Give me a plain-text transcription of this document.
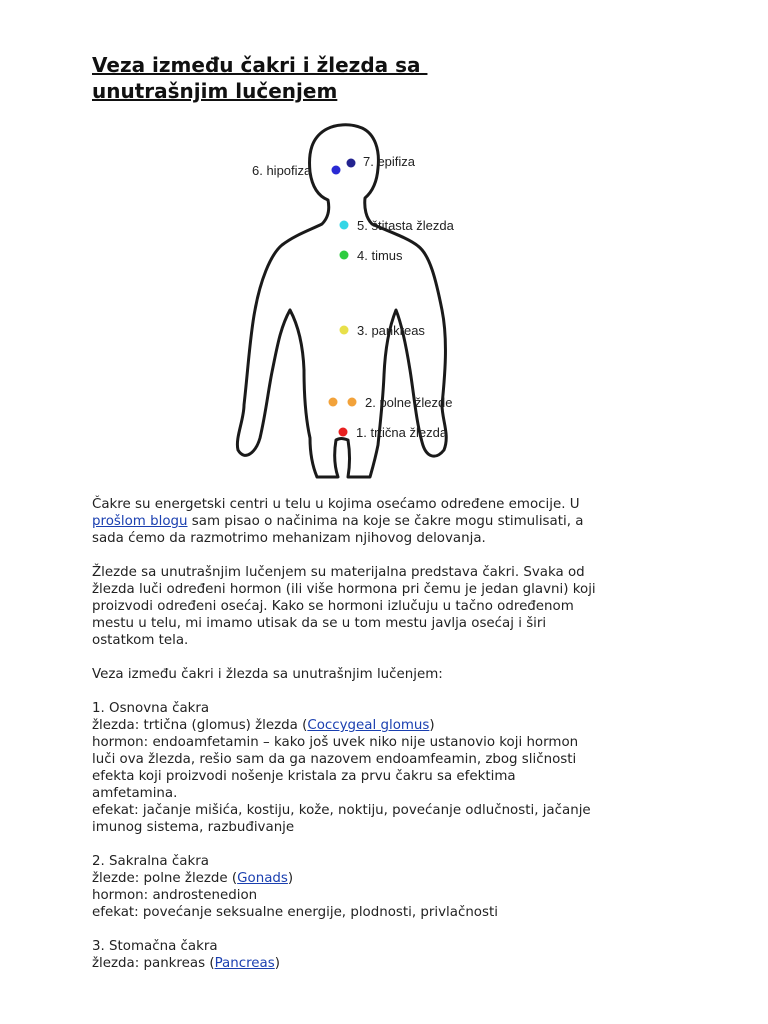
Veza između čakri i žlezda sa
unutrašnjim lučenjem
6. hipofiza
7. epifiza
5. štitasta žlezda
4. timus
3. pankreas
2. polne žlezde
1. trtična žlezda

Čakre su energetski centri u telu u kojima osećamo određene emocije. U
prošlom blogu sam pisao o načinima na koje se čakre mogu stimulisati, a
sada ćemo da razmotrimo mehanizam njihovog delovanja.

Žlezde sa unutrašnjim lučenjem su materijalna predstava čakri. Svaka od
žlezda luči određeni hormon (ili više hormona pri čemu je jedan glavni) koji
proizvodi određeni osećaj. Kako se hormoni izlučuju u tačno određenom
mestu u telu, mi imamo utisak da se u tom mestu javlja osećaj i širi
ostatkom tela.

Veza između čakri i žlezda sa unutrašnjim lučenjem:

1. Osnovna čakra
žlezda: trtična (glomus) žlezda (Coccygeal glomus)
hormon: endoamfetamin – kako još uvek niko nije ustanovio koji hormon
luči ova žlezda, rešio sam da ga nazovem endoamfeamin, zbog sličnosti
efekta koji proizvodi nošenje kristala za prvu čakru sa efektima
amfetamina.
efekat: jačanje mišića, kostiju, kože, noktiju, povećanje odlučnosti, jačanje
imunog sistema, razbuđivanje

2. Sakralna čakra
žlezde: polne žlezde (Gonads)
hormon: androstenedion
efekat: povećanje seksualne energije, plodnosti, privlačnosti

3. Stomačna čakra
žlezda: pankreas (Pancreas)
